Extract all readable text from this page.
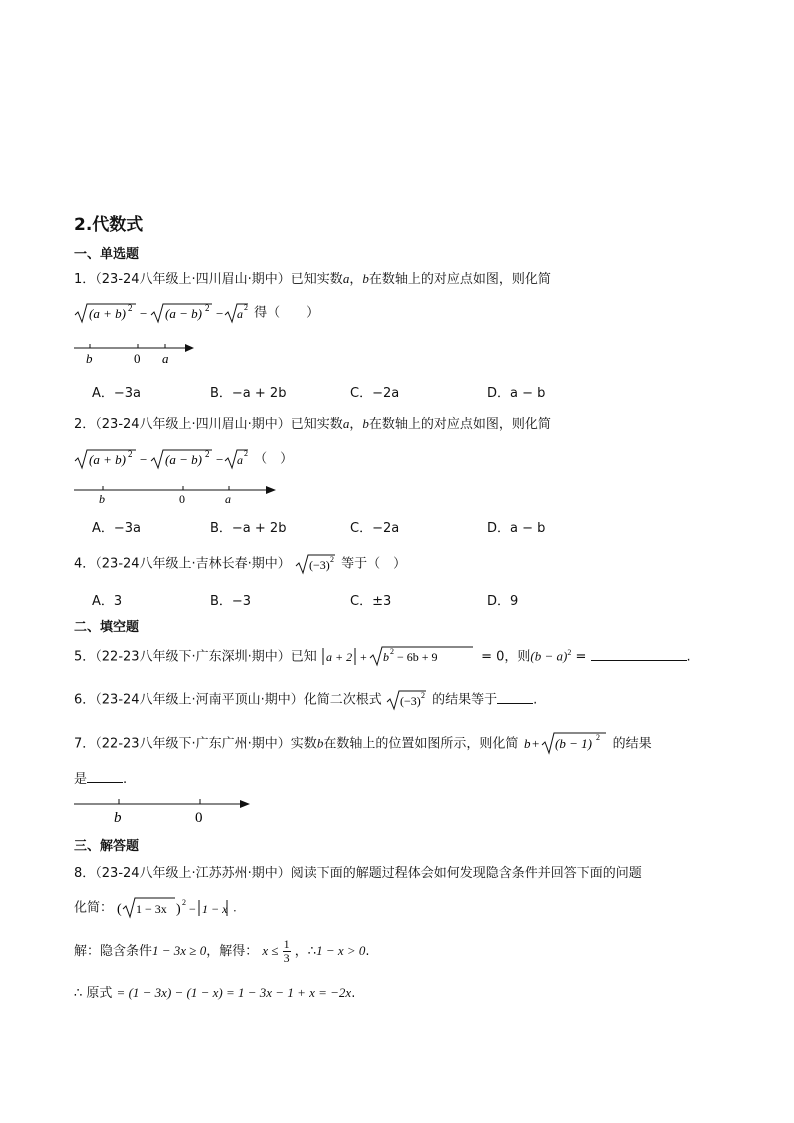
2.代数式
一、单选题
1．（23-24八年级上·四川眉山·期中）已知实数a，b在数轴上的对应点如图，则化简
(a + b) 2 − (a − b) 2 − a 2 得（　　）
b	0 a
A．−3a	B．−a + 2b	C．−2a	D．a − b
2．（23-24八年级上·四川眉山·期中）已知实数a，b在数轴上的对应点如图，则化简
(a + b) 2 − (a − b) 2 − a 2 （　）
b	0	a
A．−3a	B．−a + 2b	C．−2a	D．a − b
4．（23-24八年级上·吉林长春·期中） (−3) 2 等于（　）
A．3	B．−3	C．±3	D．9
二、填空题
5．（22-23八年级下·广东深圳·期中）已知 a + 2 + b 2 − 6b + 9	= 0，则$(b - a)^2$ =	.
6．（23-24八年级上·河南平顶山·期中）化简二次根式 (−3) 2 的结果等于	.
7．（22-23八年级下·广东广州·期中）实数b在数轴上的位置如图所示，则化简 b + (b − 1) 2 的结果
是	.
b	0
三、解答题
8．（23-24八年级上·江苏苏州·期中）阅读下面的解题过程体会如何发现隐含条件并回答下面的问题
化简： ( 1 − 3x ) 2 − 1 − x .
解：隐含条件1 − 3x ≥ 0，解得： $x \le \frac{1}{3}$ ，∴1 − x > 0.
∴ 原式 = (1 − 3x) − (1 − x) = 1 − 3x − 1 + x = −2x.
